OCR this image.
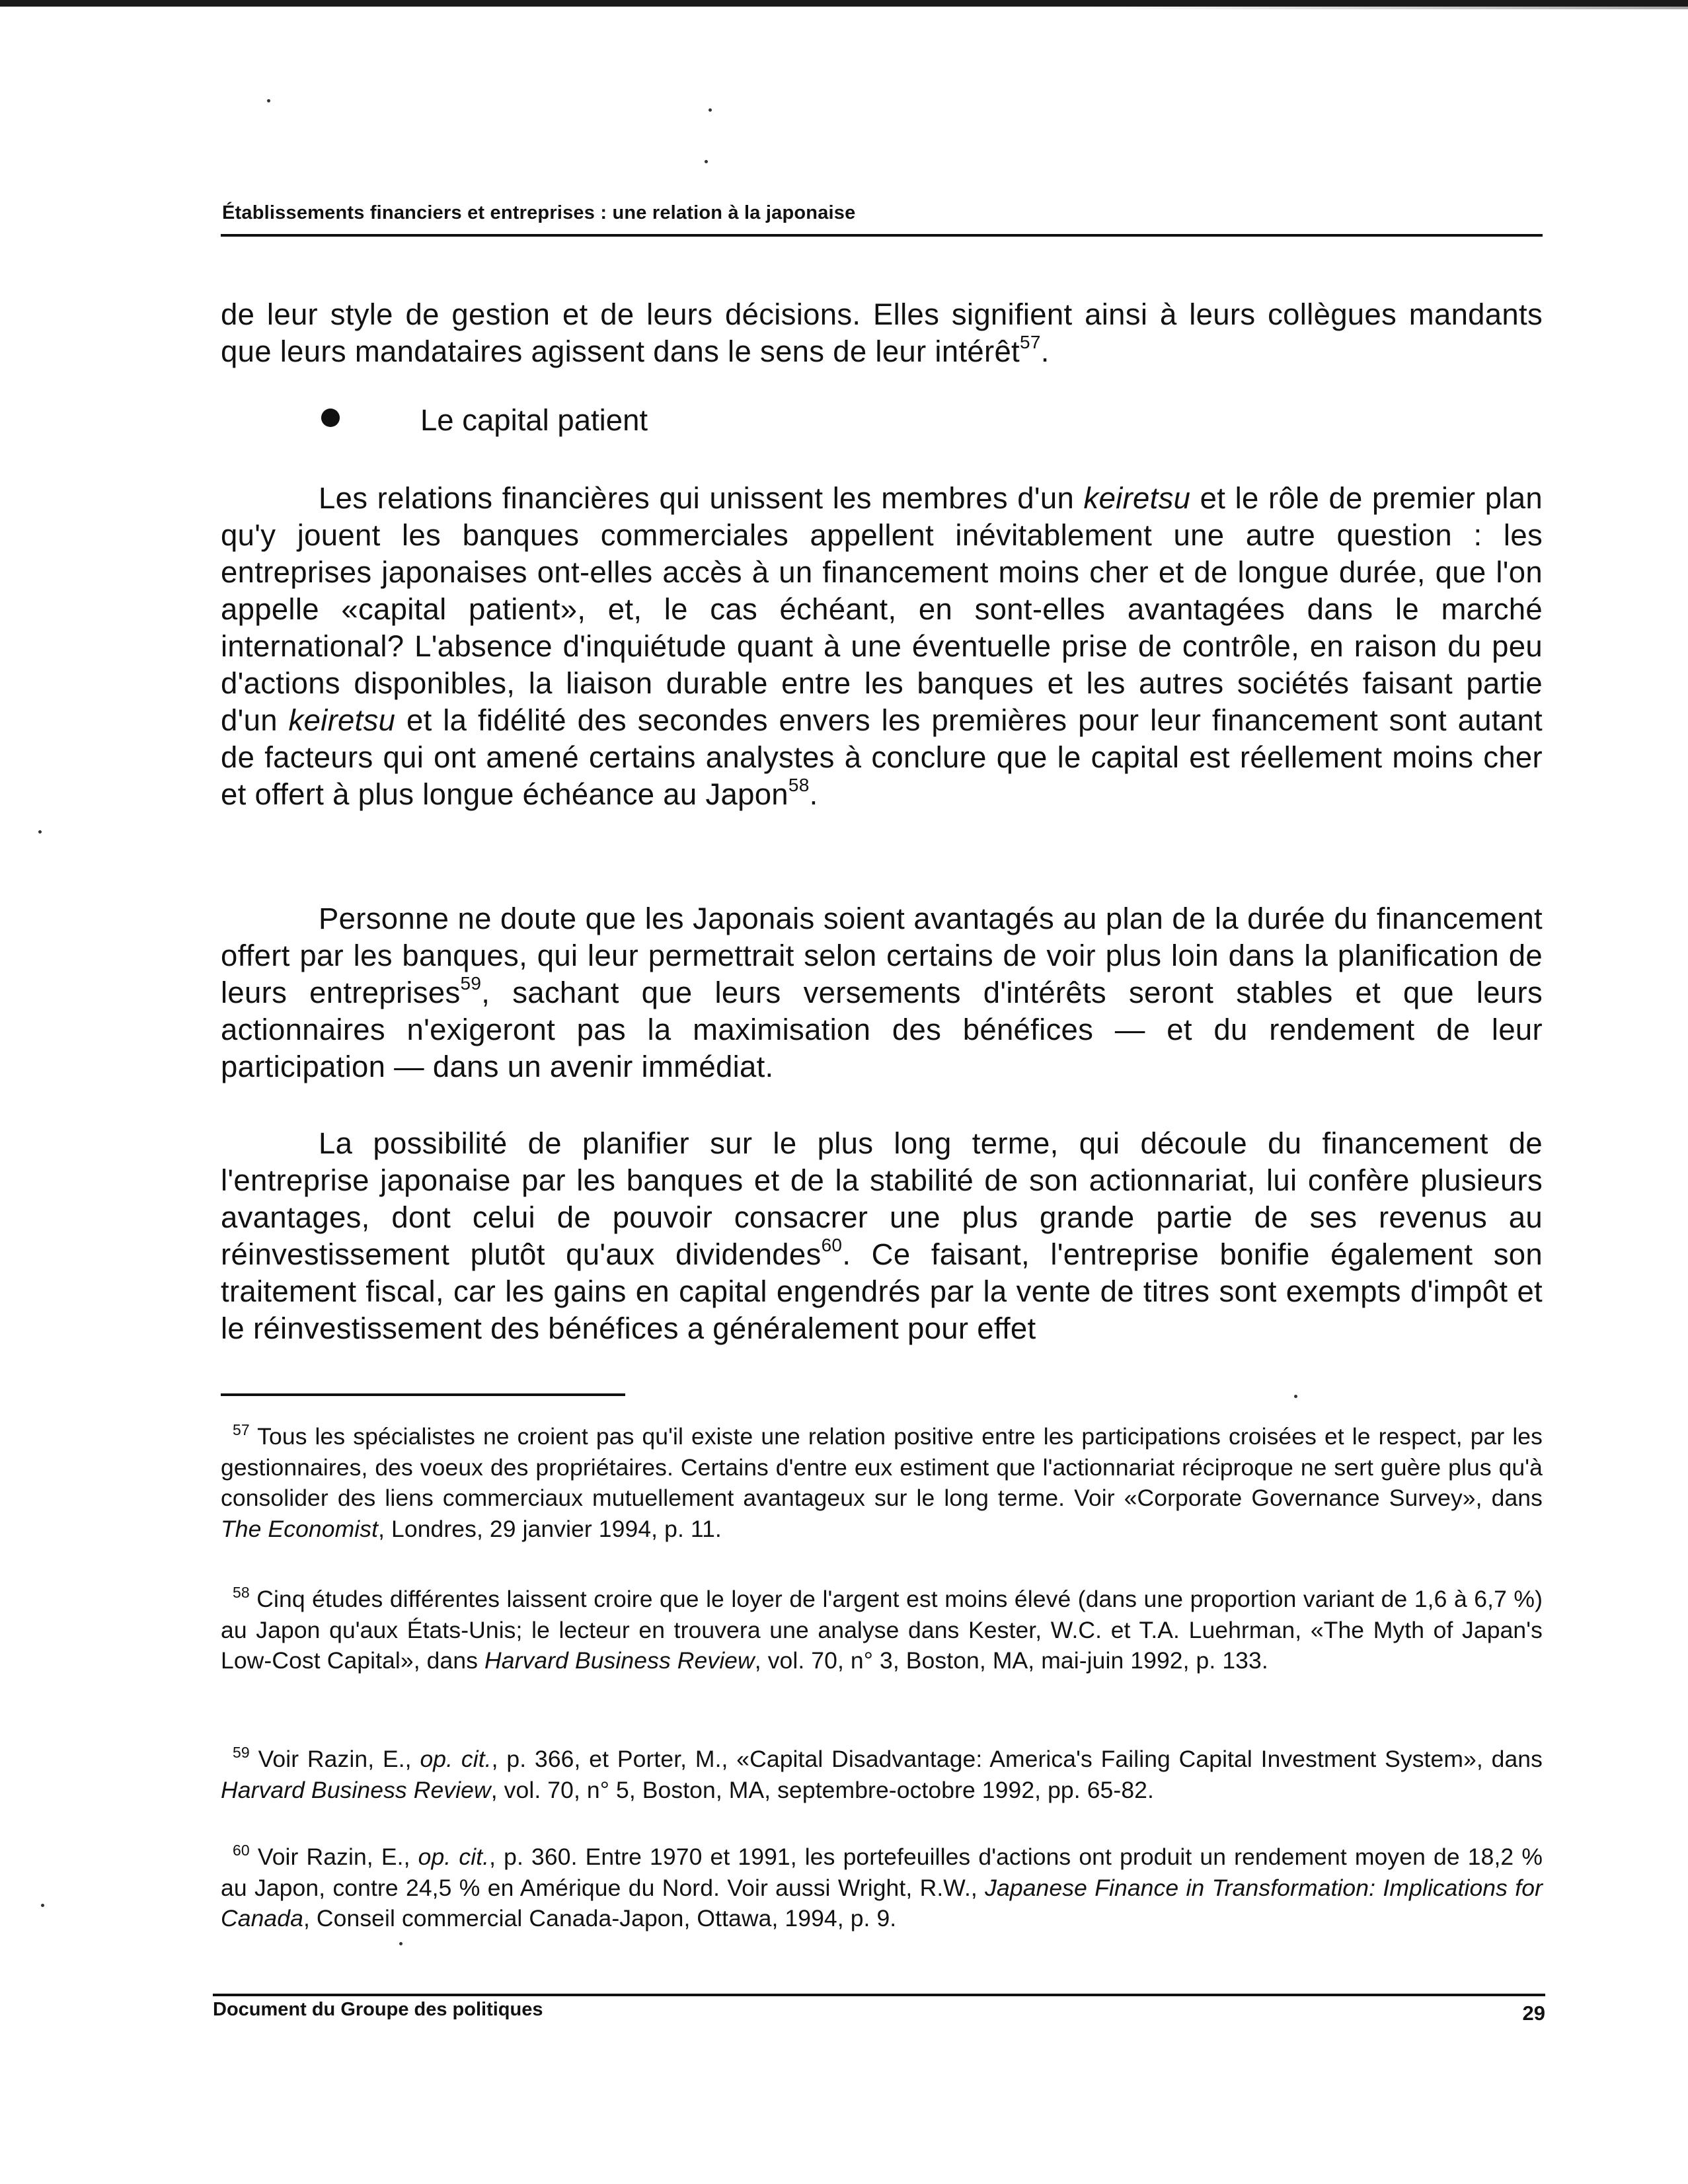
Établissements financiers et entreprises : une relation à la japonaise

de leur style de gestion et de leurs décisions. Elles signifient ainsi à leurs collègues mandants que leurs mandataires agissent dans le sens de leur intérêt$^{57}$.

Le capital patient

Les relations financières qui unissent les membres d'un keiretsu et le rôle de premier plan qu'y jouent les banques commerciales appellent inévitablement une autre question : les entreprises japonaises ont-elles accès à un financement moins cher et de longue durée, que l'on appelle «capital patient», et, le cas échéant, en sont-elles avantagées dans le marché international? L'absence d'inquiétude quant à une éventuelle prise de contrôle, en raison du peu d'actions disponibles, la liaison durable entre les banques et les autres sociétés faisant partie d'un keiretsu et la fidélité des secondes envers les premières pour leur financement sont autant de facteurs qui ont amené certains analystes à conclure que le capital est réellement moins cher et offert à plus longue échéance au Japon$^{58}$.

Personne ne doute que les Japonais soient avantagés au plan de la durée du financement offert par les banques, qui leur permettrait selon certains de voir plus loin dans la planification de leurs entreprises$^{59}$, sachant que leurs versements d'intérêts seront stables et que leurs actionnaires n'exigeront pas la maximisation des bénéfices — et du rendement de leur participation — dans un avenir immédiat.

La possibilité de planifier sur le plus long terme, qui découle du financement de l'entreprise japonaise par les banques et de la stabilité de son actionnariat, lui confère plusieurs avantages, dont celui de pouvoir consacrer une plus grande partie de ses revenus au réinvestissement plutôt qu'aux dividendes$^{60}$. Ce faisant, l'entreprise bonifie également son traitement fiscal, car les gains en capital engendrés par la vente de titres sont exempts d'impôt et le réinvestissement des bénéfices a généralement pour effet

$^{57}$ Tous les spécialistes ne croient pas qu'il existe une relation positive entre les participations croisées et le respect, par les gestionnaires, des voeux des propriétaires. Certains d'entre eux estiment que l'actionnariat réciproque ne sert guère plus qu'à consolider des liens commerciaux mutuellement avantageux sur le long terme. Voir «Corporate Governance Survey», dans The Economist, Londres, 29 janvier 1994, p. 11.

$^{58}$ Cinq études différentes laissent croire que le loyer de l'argent est moins élevé (dans une proportion variant de 1,6 à 6,7 %) au Japon qu'aux États-Unis; le lecteur en trouvera une analyse dans Kester, W.C. et T.A. Luehrman, «The Myth of Japan's Low-Cost Capital», dans Harvard Business Review, vol. 70, n° 3, Boston, MA, mai-juin 1992, p. 133.

$^{59}$ Voir Razin, E., op. cit., p. 366, et Porter, M., «Capital Disadvantage: America's Failing Capital Investment System», dans Harvard Business Review, vol. 70, n° 5, Boston, MA, septembre-octobre 1992, pp. 65-82.

$^{60}$ Voir Razin, E., op. cit., p. 360. Entre 1970 et 1991, les portefeuilles d'actions ont produit un rendement moyen de 18,2 % au Japon, contre 24,5 % en Amérique du Nord. Voir aussi Wright, R.W., Japanese Finance in Transformation: Implications for Canada, Conseil commercial Canada-Japon, Ottawa, 1994, p. 9.

Document du Groupe des politiques	29
